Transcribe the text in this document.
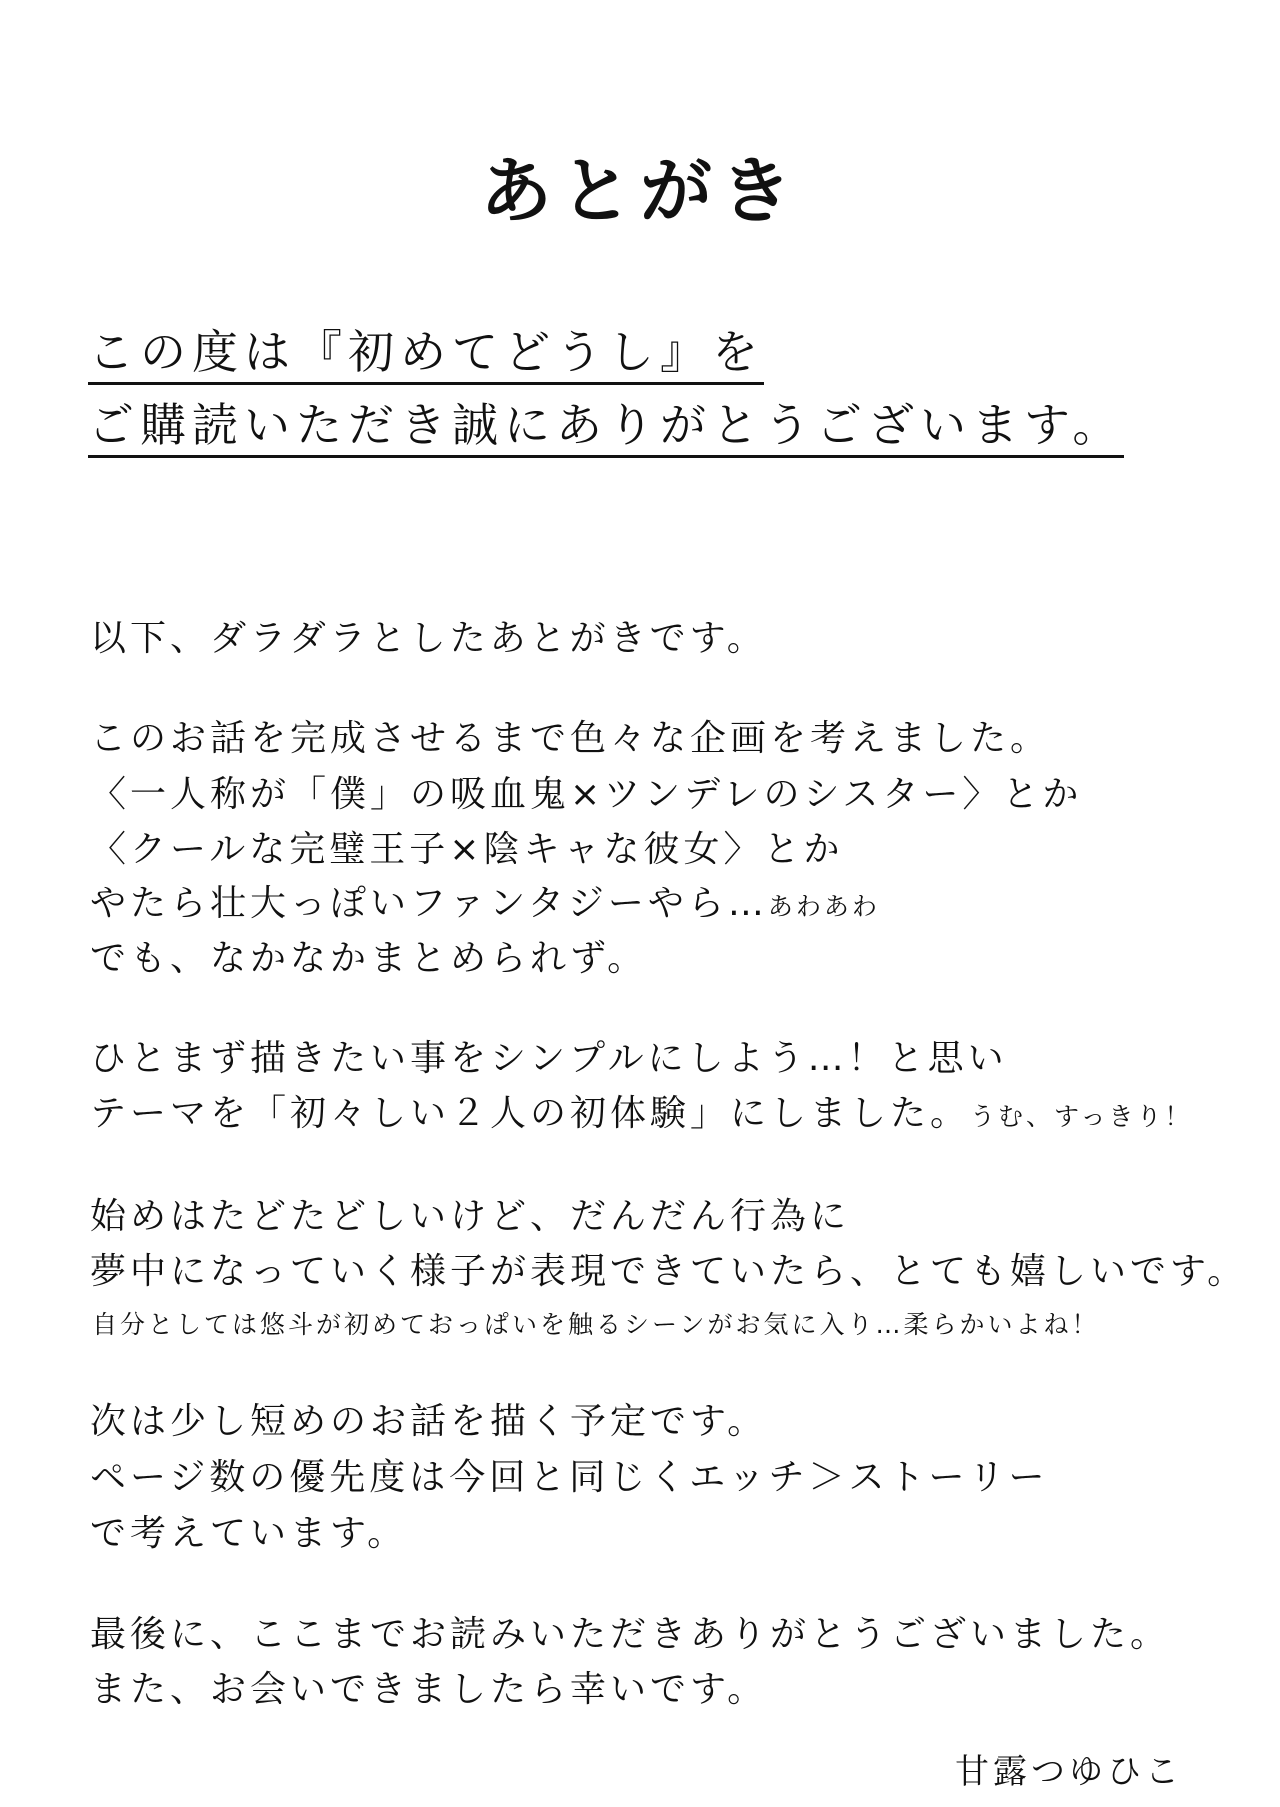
あとがき
この度は『初めてどうし』を
ご購読いただき誠にありがとうございます。
以下、ダラダラとしたあとがきです。
このお話を完成させるまで色々な企画を考えました。
〈一人称が「僕」の吸血鬼×ツンデレのシスター〉とか
〈クールな完璧王子×陰キャな彼女〉とか
やたら壮大っぽいファンタジーやら…あわあわ
でも、なかなかまとめられず。
ひとまず描きたい事をシンプルにしよう…！と思い
テーマを「初々しい２人の初体験」にしました。うむ、すっきり！
始めはたどたどしいけど、だんだん行為に
夢中になっていく様子が表現できていたら、とても嬉しいです。
自分としては悠斗が初めておっぱいを触るシーンがお気に入り…柔らかいよね！
次は少し短めのお話を描く予定です。
ページ数の優先度は今回と同じくエッチ＞ストーリー
で考えています。
最後に、ここまでお読みいただきありがとうございました。
また、お会いできましたら幸いです。
甘露つゆひこ
